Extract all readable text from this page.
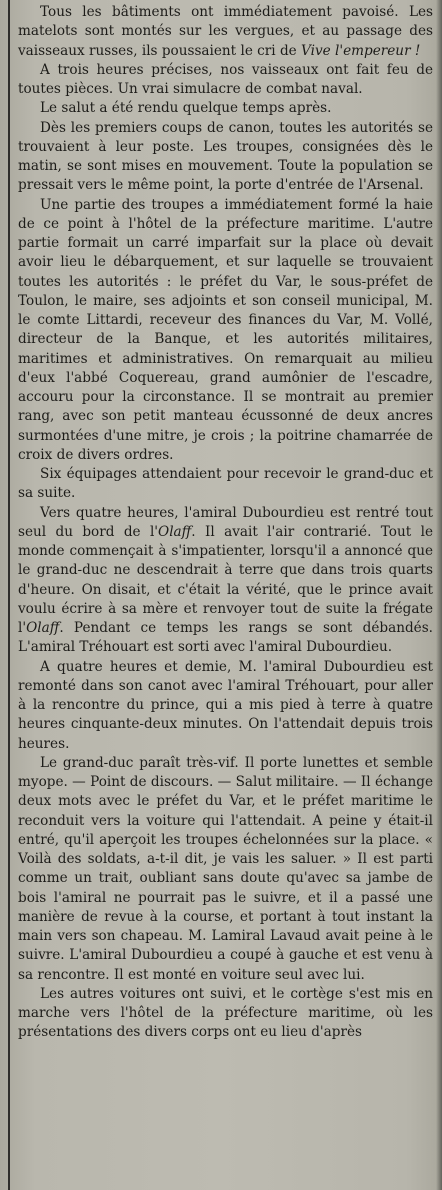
Tous les bâtiments ont immédiatement pavoisé. Les matelots sont montés sur les vergues, et au passage des vaisseaux russes, ils poussaient le cri de Vive l'empereur !

A trois heures précises, nos vaisseaux ont fait feu de toutes pièces. Un vrai simulacre de combat naval.

Le salut a été rendu quelque temps après.

Dès les premiers coups de canon, toutes les autorités se trouvaient à leur poste. Les troupes, consignées dès le matin, se sont mises en mouvement. Toute la population se pressait vers le même point, la porte d'entrée de l'Arsenal.

Une partie des troupes a immédiatement formé la haie de ce point à l'hôtel de la préfecture maritime. L'autre partie formait un carré imparfait sur la place où devait avoir lieu le débarquement, et sur laquelle se trouvaient toutes les autorités : le préfet du Var, le sous-préfet de Toulon, le maire, ses adjoints et son conseil municipal, M. le comte Littardi, receveur des finances du Var, M. Vollé, directeur de la Banque, et les autorités militaires, maritimes et administratives. On remarquait au milieu d'eux l'abbé Coquereau, grand aumônier de l'escadre, accouru pour la circonstance. Il se montrait au premier rang, avec son petit manteau écussonné de deux ancres surmontées d'une mitre, je crois ; la poitrine chamarrée de croix de divers ordres.

Six équipages attendaient pour recevoir le grand-duc et sa suite.

Vers quatre heures, l'amiral Dubourdieu est rentré tout seul du bord de l'Olaff. Il avait l'air contrarié. Tout le monde commençait à s'impatienter, lorsqu'il a annoncé que le grand-duc ne descendrait à terre que dans trois quarts d'heure. On disait, et c'était la vérité, que le prince avait voulu écrire à sa mère et renvoyer tout de suite la frégate l'Olaff. Pendant ce temps les rangs se sont débandés. L'amiral Tréhouart est sorti avec l'amiral Dubourdieu.

A quatre heures et demie, M. l'amiral Dubourdieu est remonté dans son canot avec l'amiral Tréhouart, pour aller à la rencontre du prince, qui a mis pied à terre à quatre heures cinquante-deux minutes. On l'attendait depuis trois heures.

Le grand-duc paraît très-vif. Il porte lunettes et semble myope. — Point de discours. — Salut militaire. — Il échange deux mots avec le préfet du Var, et le préfet maritime le reconduit vers la voiture qui l'attendait. A peine y était-il entré, qu'il aperçoit les troupes échelonnées sur la place. « Voilà des soldats, a-t-il dit, je vais les saluer. » Il est parti comme un trait, oubliant sans doute qu'avec sa jambe de bois l'amiral ne pourrait pas le suivre, et il a passé une manière de revue à la course, et portant à tout instant la main vers son chapeau. M. Lamiral Lavaud avait peine à le suivre. L'amiral Dubourdieu a coupé à gauche et est venu à sa rencontre. Il est monté en voiture seul avec lui.

Les autres voitures ont suivi, et le cortège s'est mis en marche vers l'hôtel de la préfecture maritime, où les présentations des divers corps ont eu lieu d'après
